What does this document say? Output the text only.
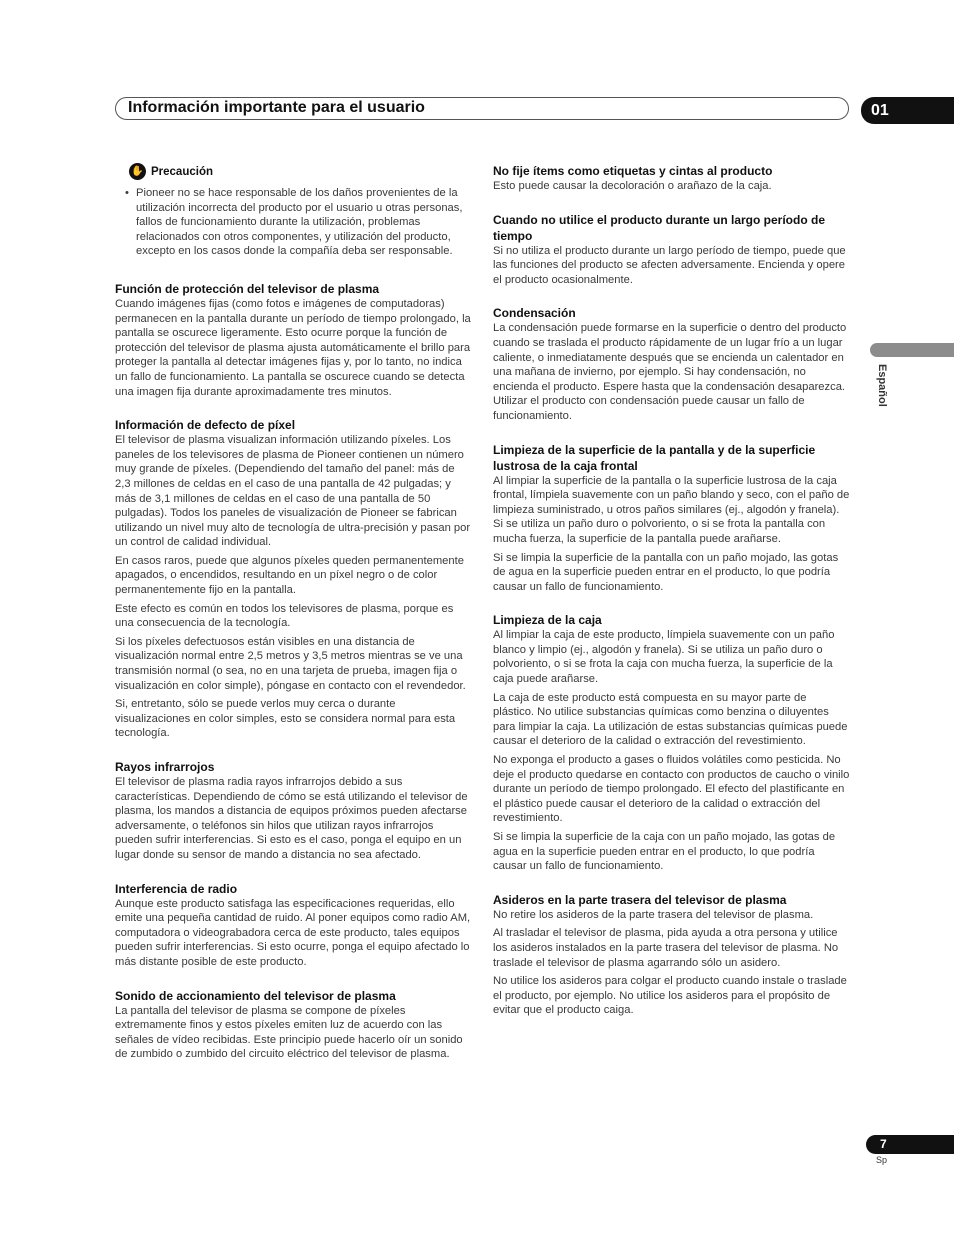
Información importante para el usuario	01
Español
✋ Precaución
• Pioneer no se hace responsable de los daños provenientes de la utilización incorrecta del producto por el usuario u otras personas, fallos de funcionamiento durante la utilización, problemas relacionados con otros componentes, y utilización del producto, excepto en los casos donde la compañía deba ser responsable.

Función de protección del televisor de plasma

Cuando imágenes fijas (como fotos e imágenes de computadoras) permanecen en la pantalla durante un período de tiempo prolongado, la pantalla se oscurece ligeramente. Esto ocurre porque la función de protección del televisor de plasma ajusta automáticamente el brillo para proteger la pantalla al detectar imágenes fijas y, por lo tanto, no indica un fallo de funcionamiento. La pantalla se oscurece cuando se detecta una imagen fija durante aproximadamente tres minutos.

Información de defecto de píxel

El televisor de plasma visualizan información utilizando píxeles. Los paneles de los televisores de plasma de Pioneer contienen un número muy grande de píxeles. (Dependiendo del tamaño del panel: más de 2,3 millones de celdas en el caso de una pantalla de 42 pulgadas; y más de 3,1 millones de celdas en el caso de una pantalla de 50 pulgadas). Todos los paneles de visualización de Pioneer se fabrican utilizando un nivel muy alto de tecnología de ultra-precisión y pasan por un control de calidad individual.

En casos raros, puede que algunos píxeles queden permanentemente apagados, o encendidos, resultando en un píxel negro o de color permanentemente fijo en la pantalla.

Este efecto es común en todos los televisores de plasma, porque es una consecuencia de la tecnología.

Si los píxeles defectuosos están visibles en una distancia de visualización normal entre 2,5 metros y 3,5 metros mientras se ve una transmisión normal (o sea, no en una tarjeta de prueba, imagen fija o visualización en color simple), póngase en contacto con el revendedor.

Si, entretanto, sólo se puede verlos muy cerca o durante visualizaciones en color simples, esto se considera normal para esta tecnología.

Rayos infrarrojos

El televisor de plasma radia rayos infrarrojos debido a sus características. Dependiendo de cómo se está utilizando el televisor de plasma, los mandos a distancia de equipos próximos pueden afectarse adversamente, o teléfonos sin hilos que utilizan rayos infrarrojos pueden sufrir interferencias. Si esto es el caso, ponga el equipo en un lugar donde su sensor de mando a distancia no sea afectado.

Interferencia de radio

Aunque este producto satisfaga las especificaciones requeridas, ello emite una pequeña cantidad de ruido. Al poner equipos como radio AM, computadora o videograbadora cerca de este producto, tales equipos pueden sufrir interferencias. Si esto ocurre, ponga el equipo afectado lo más distante posible de este producto.

Sonido de accionamiento del televisor de plasma

La pantalla del televisor de plasma se compone de píxeles extremamente finos y estos píxeles emiten luz de acuerdo con las señales de vídeo recibidas. Este principio puede hacerlo oír un sonido de zumbido o zumbido del circuito eléctrico del televisor de plasma.

No fije ítems como etiquetas y cintas al producto

Esto puede causar la decoloración o arañazo de la caja.

Cuando no utilice el producto durante un largo período de tiempo

Si no utiliza el producto durante un largo período de tiempo, puede que las funciones del producto se afecten adversamente. Encienda y opere el producto ocasionalmente.

Condensación

La condensación puede formarse en la superficie o dentro del producto cuando se traslada el producto rápidamente de un lugar frío a un lugar caliente, o inmediatamente después que se encienda un calentador en una mañana de invierno, por ejemplo. Si hay condensación, no encienda el producto. Espere hasta que la condensación desaparezca. Utilizar el producto con condensación puede causar un fallo de funcionamiento.

Limpieza de la superficie de la pantalla y de la superficie lustrosa de la caja frontal

Al limpiar la superficie de la pantalla o la superficie lustrosa de la caja frontal, límpiela suavemente con un paño blando y seco, con el paño de limpieza suministrado, u otros paños similares (ej., algodón y franela). Si se utiliza un paño duro o polvoriento, o si se frota la pantalla con mucha fuerza, la superficie de la pantalla puede arañarse.

Si se limpia la superficie de la pantalla con un paño mojado, las gotas de agua en la superficie pueden entrar en el producto, lo que podría causar un fallo de funcionamiento.

Limpieza de la caja

Al limpiar la caja de este producto, límpiela suavemente con un paño blanco y limpio (ej., algodón y franela). Si se utiliza un paño duro o polvoriento, o si se frota la caja con mucha fuerza, la superficie de la caja puede arañarse.

La caja de este producto está compuesta en su mayor parte de plástico. No utilice substancias químicas como benzina o diluyentes para limpiar la caja. La utilización de estas substancias químicas puede causar el deterioro de la calidad o extracción del revestimiento.

No exponga el producto a gases o fluidos volátiles como pesticida. No deje el producto quedarse en contacto con productos de caucho o vinilo durante un período de tiempo prolongado. El efecto del plastificante en el plástico puede causar el deterioro de la calidad o extracción del revestimiento.

Si se limpia la superficie de la caja con un paño mojado, las gotas de agua en la superficie pueden entrar en el producto, lo que podría causar un fallo de funcionamiento.

Asideros en la parte trasera del televisor de plasma

No retire los asideros de la parte trasera del televisor de plasma.

Al trasladar el televisor de plasma, pida ayuda a otra persona y utilice los asideros instalados en la parte trasera del televisor de plasma. No traslade el televisor de plasma agarrando sólo un asidero.

No utilice los asideros para colgar el producto cuando instale o traslade el producto, por ejemplo. No utilice los asideros para el propósito de evitar que el producto caiga.

7
Sp
